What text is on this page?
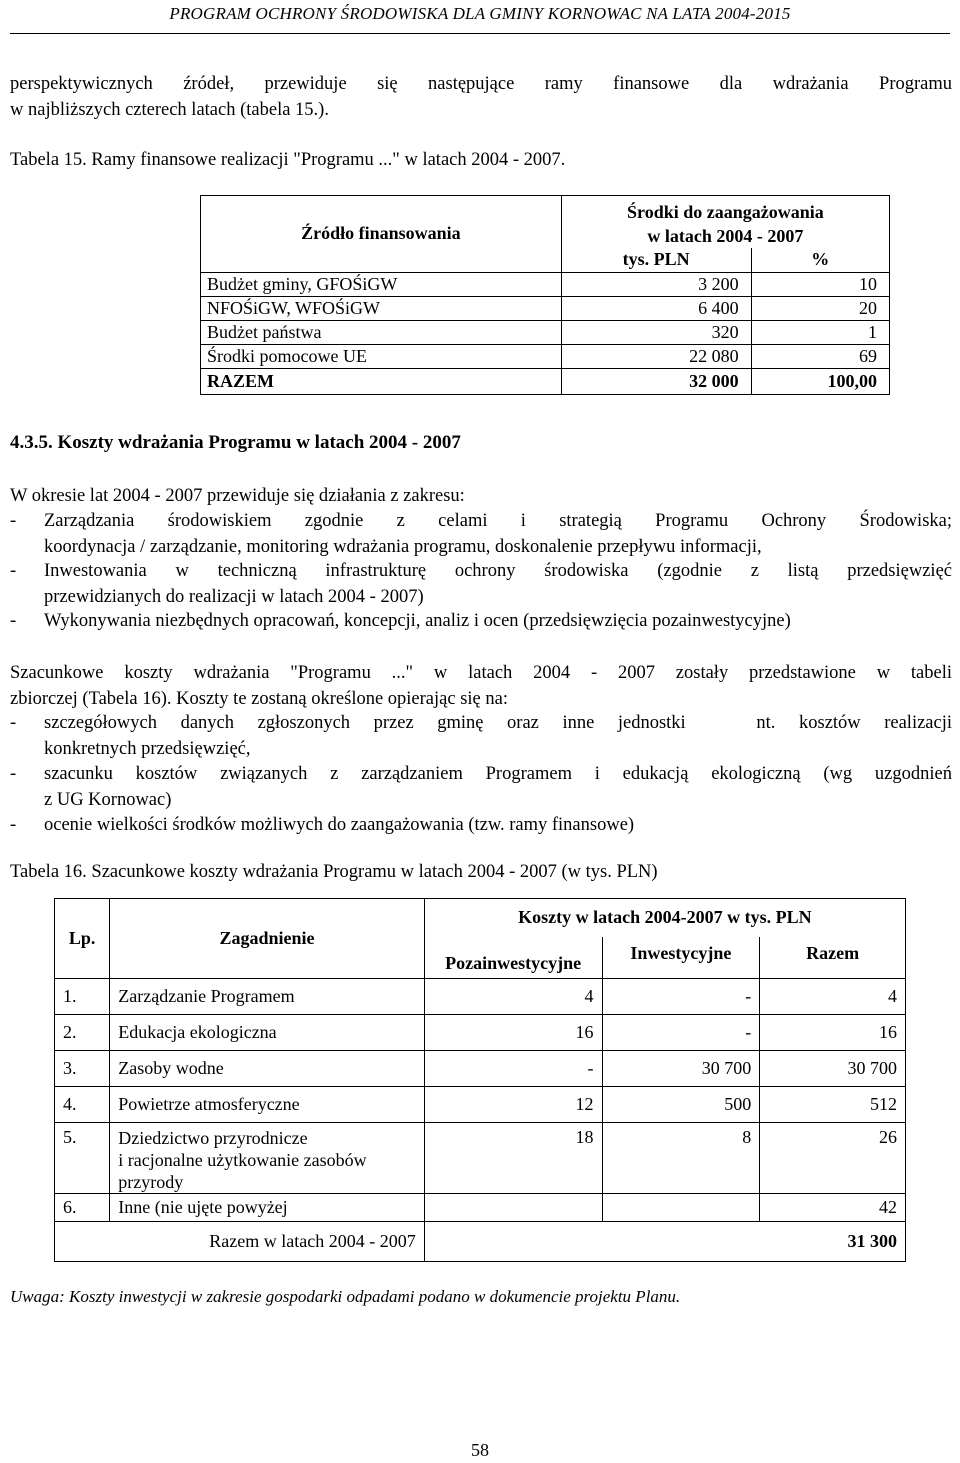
PROGRAM OCHRONY ŚRODOWISKA DLA GMINY KORNOWAC NA LATA 2004-2015
perspektywicznych źródeł, przewiduje się następujące ramy finansowe dla wdrażania Programu
w najbliższych czterech latach (tabela 15.).
Tabela 15. Ramy finansowe realizacji "Programu ..." w latach 2004 - 2007.
Źródło finansowania	Środki do zaangażowania
w latach 2004 - 2007	

	tys. PLN	%
Budżet gminy, GFOŚiGW	3 200	10
NFOŚiGW, WFOŚiGW	6 400	20
Budżet państwa	320	1
Środki pomocowe UE	22 080	69
RAZEM	32 000	100,00
4.3.5. Koszty wdrażania Programu w latach 2004 - 2007
W okresie lat 2004 - 2007 przewiduje się działania z zakresu:
- Zarządzania środowiskiem zgodnie z celami i strategią Programu Ochrony Środowiska;
koordynacja / zarządzanie, monitoring wdrażania programu, doskonalenie przepływu informacji,
- Inwestowania w techniczną infrastrukturę ochrony środowiska (zgodnie z listą przedsięwzięć
przewidzianych do realizacji w latach 2004 - 2007)
- Wykonywania niezbędnych opracowań, koncepcji, analiz i ocen (przedsięwzięcia pozainwestycyjne)
Szacunkowe koszty wdrażania "Programu ..." w latach 2004 - 2007 zostały przedstawione w tabeli
zbiorczej (Tabela 16). Koszty te zostaną określone opierając się na:
- szczegółowych danych zgłoszonych przez gminę oraz inne jednostki   nt. kosztów realizacji
konkretnych przedsięwzięć,
- szacunku kosztów związanych z zarządzaniem Programem i edukacją ekologiczną (wg uzgodnień
z UG Kornowac)
- ocenie wielkości środków możliwych do zaangażowania (tzw. ramy finansowe)
Tabela 16. Szacunkowe koszty wdrażania Programu w latach 2004 - 2007 (w tys. PLN)
Lp.	Zagadnienie	Koszty w latach 2004-2007 w tys. PLN		
		Pozainwestycyjne	Inwestycyjne	Razem
1.	Zarządzanie Programem	4	-	4
2.	Edukacja ekologiczna	16	-	16
3.	Zasoby wodne	-	30 700	30 700
4.	Powietrze atmosferyczne	12	500	512
5.	Dziedzictwo przyrodnicze
i racjonalne użytkowanie zasobów
przyrody	18	8	26
6.	Inne (nie ujęte powyżej			42
Razem w latach 2004 - 2007		31 300		
Uwaga: Koszty inwestycji w zakresie gospodarki odpadami podano w dokumencie projektu Planu.
58
